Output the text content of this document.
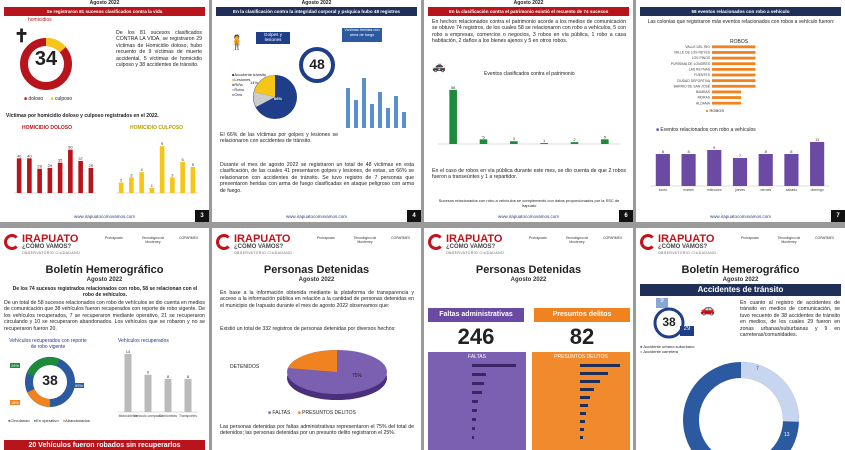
Agosto 2022
Se registraron 81 sucesos clasificados contra la vida
✝
homicidios
34
■ doloso ■ culposo
De los 81 sucesos clasificados CONTRA LA VIDA, se registraron 29 víctimas de Homicidio doloso, hubo recuento de 9 víctimas de muerte accidental, 5 víctimas de homicidio culposo y 38 accidentes de tránsito.
Víctimas por homicidio doloso y culposo registrados en el 2022.
HOMICIDIO DOLOSO	HOMICIDIO CULPOSO
40 40
28 29
35
50
37
29
2
3
4
1
9
3
6
5
www.irapuatocomovamos.com	3
Agosto 2022
En la clasificación contra la integridad corporal y psíquica hubo 48 registros
🧍	Golpes y lesiones
Víctimas heridas con arma de fuego
66%
14%
■Accidente tránsito
■Lesiones
■Riña
■Robo
■Otro
48
El 66% de las víctimas por golpes y lesiones se relacionaron con accidentes de tránsito.
Durante el mes de agosto 2022 se registraron un total de 48 víctimas en esta clasificación, de las cuales 41 presentaron golpes y lesiones, de estas, un 66% se relacionaron con accidentes de tránsito. Se tuvo registro de 7 personas que presentaron heridas con arma de fuego clasificadas en ataque peligroso con arma de fuego.
www.irapuatocomovamos.com	4
Agosto 2022
En la clasificación contra el patrimonio existió el recuento de 74 sucesos
En hechos relacionados contra el patrimonio acorde a los medios de comunicación se obtuvo 74 registros, de los cuales 58 se relacionaron con robo a vehículos, 5 con robo a empresas, comercios o negocios, 3 robos en vía pública, 1 robo a casa habitación, 2 daños a los bienes ajenos y 5 en otros robos.
🚓
Eventos clasificados contra el patrimonio
58
5	3	1	2
5
En el caso de robos en vía pública durante este mes, se dio cuenta de que 2 robos fueron a transeúntes y 1 a repartidor.
Sucesos relacionados con robo a vehículos se complementó con datos proporcionados por la SSC de Irapuato
www.irapuatocomovamos.com	6
58 eventos relacionados con robo a vehículo
Las colonias que registraron más eventos relacionados con robos a vehículo fueron:
ROBOS
VALLE DEL RÍO
VALLE DE LOS REYES
LOS PINOS
PURÍSIMA DE LONDRES
LAS REYNAS
FUENTES
CIUDAD DEPORTIVA
BARRIO DE SAN JOSÉ
BAMBAS
MORAS
ALDAMA
■ ROBOS
■ Eventos relacionados con robo a vehículos
8
lunes
8
martes
9
miércoles
7
jueves
8
viernes
8
sábado
11
domingo
www.irapuatocomovamos.com	7
IRAPUATO
¿CÓMO VAMOS?
OBSERVATORIO CIUDADANO
ProIrapuato	Tecnológico de Monterrey
COPARMEX
Boletín Hemerográfico
Agosto 2022
De los 74 sucesos registrados relacionados con robo, 58 se relacionan con el robo de vehículos.
De un total de 58 sucesos relacionados con robo de vehículos se dio cuenta en medios de comunicación que 38 vehículos fueron recuperados con reporte de robo vigente. De los vehículos recuperados, 7 se recuperaron mediante operativo, 21 se recuperaron circulando y 10 se recuperaron abandonados. Los vehículos que se robaron y no se recuperaron fueron 20.
Vehículos recuperados con reporte de robo vigente
38
26%
55%
18%
●Circulando ●En operativo ●Abandonados
Vehículos recuperados
14
Motocicletas
9
Vehículo compacto
8
Camionetas
8
Transportes
20 Vehículos fueron robados sin recuperarlos
IRAPUATO
¿CÓMO VAMOS?
OBSERVATORIO CIUDADANO
ProIrapuato	Tecnológico de Monterrey
COPARMEX
Personas Detenidas
Agosto 2022
En base a la información obtenida mediante la plataforma de transparencia y acceso a la información pública en relación a la cantidad de personas detenidas en el municipio de Irapuato durante el mes de agosto 2022 observamos que:
Existió un total de 332 registros de personas detenidas por diversos hechos:
DETENIDOS
25%
75%
■ FALTAS ■ PRESUNTOS DELITOS
Las personas detenidas por faltas administrativas representaron el 75% del total de detenidos; las personas detenidas por un presunto delito registraron el 25%.
IRAPUATO
¿CÓMO VAMOS?
OBSERVATORIO CIUDADANO
ProIrapuato	Tecnológico de Monterrey
COPARMEX
Personas Detenidas
Agosto 2022
Faltas administrativas	Presuntos delitos
246	82
FALTAS	PRESUNTOS DELITOS
IRAPUATO
¿CÓMO VAMOS?
OBSERVATORIO CIUDADANO
ProIrapuato	Tecnológico de Monterrey
COPARMEX
Boletín Hemerográfico
Agosto 2022
Accidentes de tránsito
9
38	29
🚗
● Accidente urbano suburbano
● Accidente carretera
En cuanto al registro de accidentes de tránsito en medios de comunicación, se tuvo recuento de 38 accidentes de tránsito en medios, de los cuales 29 fueron en zonas urbanas/suburbanas y 9 en carreteras/comunidades.
7
13
